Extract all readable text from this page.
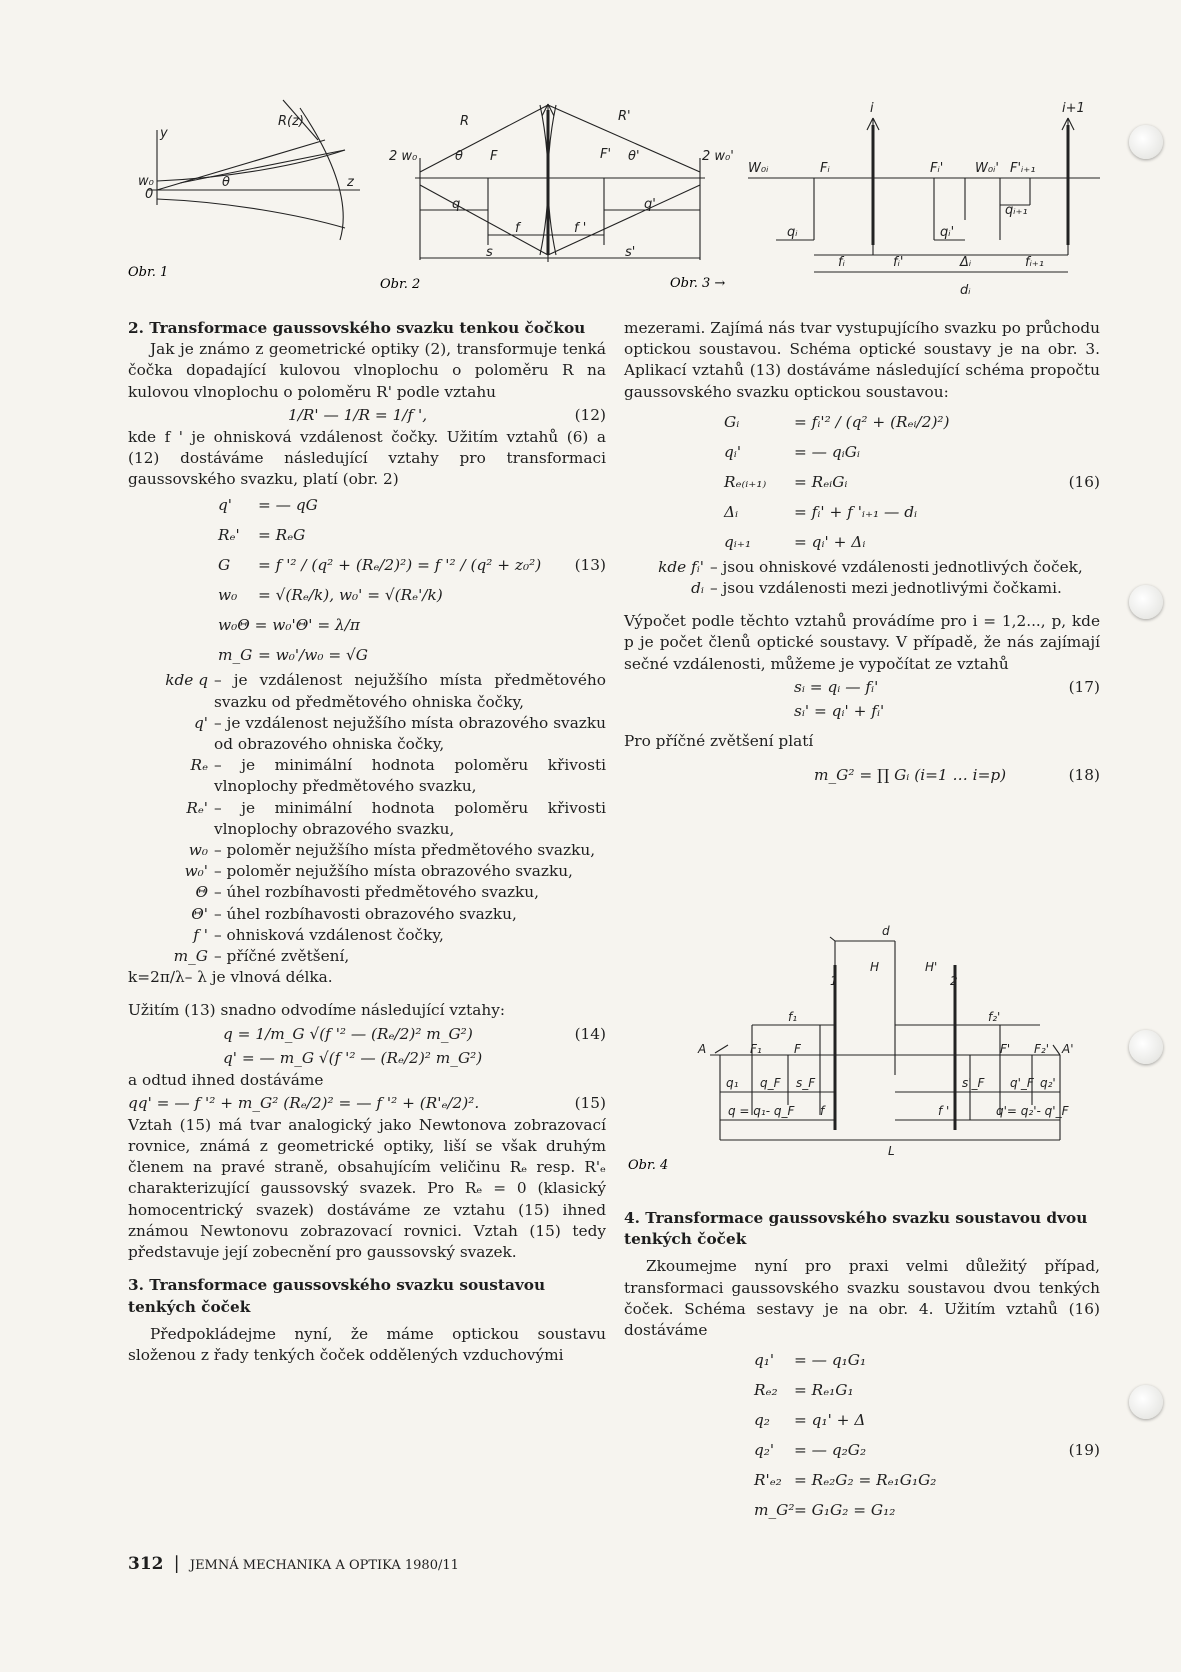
y
w₀
0
θ	z
R(z)
2 w₀
R	R'
θ	θ'
F	F'	2 w₀'
q	q'
f	f '
s	s'
i	i+1
W₀ᵢ	Fᵢ	Fᵢ' W₀ᵢ' F'ᵢ₊₁
qᵢ	qᵢ'
qᵢ₊₁
fᵢ	fᵢ'	Δᵢ	fᵢ₊₁
dᵢ
Obr. 1
Obr. 2	Obr. 3 →
d
H	H'
1	2
f₁	f₂'
A	F₁	F	F' F₂' A'
q₁ q_F s_F	s'_F q'_F q₂'
q = q₁- q_F f	f '	q'= q₂'- q'_F
L
Obr. 4
2. Transformace gaussovského svazku tenkou čočkou

Jak je známo z geometrické optiky (2), transformuje tenká čočka dopadající kulovou vlnoplochu o poloměru R na kulovou vlnoplochu o poloměru R' podle vztahu

1/R' — 1/R = 1/f ',	(12)

kde f ' je ohnisková vzdálenost čočky. Užitím vztahů (6) a (12) dostáváme následující vztahy pro transformaci gaussovského svazku, platí (obr. 2)

q' = — qG
Rₑ' = RₑG
G = f '² / (q² + (Rₑ/2)²) = f '² / (q² + z₀²) (13)
w₀ = √(Rₑ/k), w₀' = √(Rₑ'/k)
w₀Θ = w₀'Θ' = λ/π
m_G = w₀'/w₀ = √G
kde q – je vzdálenost nejužšího místa předmětového svazku od předmětového ohniska čočky,
q' – je vzdálenost nejužšího místa obrazového svazku od obrazového ohniska čočky,
Rₑ – je minimální hodnota poloměru křivosti vlnoplochy předmětového svazku,
Rₑ' – je minimální hodnota poloměru křivosti vlnoplochy obrazového svazku,
w₀ – poloměr nejužšího místa předmětového svazku,
w₀' – poloměr nejužšího místa obrazového svazku,
Θ – úhel rozbíhavosti předmětového svazku,
Θ' – úhel rozbíhavosti obrazového svazku,
f ' – ohnisková vzdálenost čočky,
m_G – příčné zvětšení,

k=2π/λ– λ je vlnová délka.

Užitím (13) snadno odvodíme následující vztahy:

q = 1/m_G √(f '² — (Rₑ/2)² m_G²)	(14)
q' = — m_G √(f '² — (Rₑ/2)² m_G²)

a odtud ihned dostáváme

qq' = — f '² + m_G² (Rₑ/2)² = — f '² + (R'ₑ/2)².	(15)

Vztah (15) má tvar analogický jako Newtonova zobrazovací rovnice, známá z geometrické optiky, liší se však druhým členem na pravé straně, obsahujícím veličinu Rₑ resp. R'ₑ charakterizující gaussovský svazek. Pro Rₑ = 0 (klasický homocentrický svazek) dostáváme ze vztahu (15) ihned známou Newtonovu zobrazovací rovnici. Vztah (15) tedy představuje její zobecnění pro gaussovský svazek.

3. Transformace gaussovského svazku soustavou tenkých čoček

Předpokládejme nyní, že máme optickou soustavu složenou z řady tenkých čoček oddělených vzduchovými

mezerami. Zajímá nás tvar vystupujícího svazku po průchodu optickou soustavou. Schéma optické soustavy je na obr. 3. Aplikací vztahů (13) dostáváme následující schéma propočtu gaussovského svazku optickou soustavou:

Gᵢ	= fᵢ'² / (q² + (Rₑᵢ/2)²)
qᵢ'	= — qᵢGᵢ
Rₑ₍ᵢ₊₁₎ = RₑᵢGᵢ	(16)
Δᵢ	= fᵢ' + f 'ᵢ₊₁ — dᵢ
qᵢ₊₁	= qᵢ' + Δᵢ
kde fᵢ' – jsou ohniskové vzdálenosti jednotlivých čoček,
dᵢ – jsou vzdálenosti mezi jednotlivými čočkami.

Výpočet podle těchto vztahů provádíme pro i = 1,2..., p, kde p je počet členů optické soustavy. V případě, že nás zajímají sečné vzdálenosti, můžeme je vypočítat ze vztahů

sᵢ = qᵢ — fᵢ'	(17)
sᵢ' = qᵢ' + fᵢ'

Pro příčné zvětšení platí

m_G² = ∏ Gᵢ (i=1 … i=p)	(18)
4. Transformace gaussovského svazku soustavou dvou tenkých čoček

Zkoumejme nyní pro praxi velmi důležitý případ, transformaci gaussovského svazku soustavou dvou tenkých čoček. Schéma sestavy je na obr. 4. Užitím vztahů (16) dostáváme

q₁' = — q₁G₁
Rₑ₂ = Rₑ₁G₁
q₂ = q₁' + Δ
q₂' = — q₂G₂	(19)
R'ₑ₂ = Rₑ₂G₂ = Rₑ₁G₁G₂
m_G² = G₁G₂ = G₁₂
312 | JEMNÁ MECHANIKA A OPTIKA 1980/11
